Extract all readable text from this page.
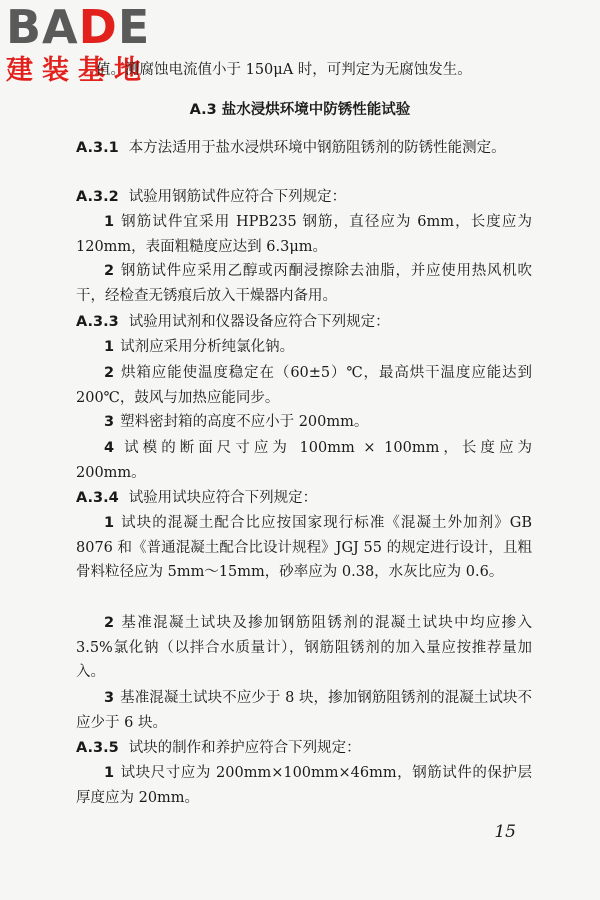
BADE
建装基地
值。测腐蚀电流值小于 150μA 时，可判定为无腐蚀发生。
A.3 盐水浸烘环境中防锈性能试验
A.3.1 本方法适用于盐水浸烘环境中钢筋阻锈剂的防锈性能测定。
A.3.2 试验用钢筋试件应符合下列规定：
1 钢筋试件宜采用 HPB235 钢筋，直径应为 6mm，长度应为 120mm，表面粗糙度应达到 6.3μm。
2 钢筋试件应采用乙醇或丙酮浸擦除去油脂，并应使用热风机吹干，经检查无锈痕后放入干燥器内备用。
A.3.3 试验用试剂和仪器设备应符合下列规定：
1 试剂应采用分析纯氯化钠。
2 烘箱应能使温度稳定在（60±5）℃，最高烘干温度应能达到 200℃，鼓风与加热应能同步。
3 塑料密封箱的高度不应小于 200mm。
4 试模的断面尺寸应为 100mm × 100mm，长度应为 200mm。
A.3.4 试验用试块应符合下列规定：
1 试块的混凝土配合比应按国家现行标准《混凝土外加剂》GB 8076 和《普通混凝土配合比设计规程》JGJ 55 的规定进行设计，且粗骨料粒径应为 5mm～15mm，砂率应为 0.38，水灰比应为 0.6。
2 基准混凝土试块及掺加钢筋阻锈剂的混凝土试块中均应掺入 3.5%氯化钠（以拌合水质量计），钢筋阻锈剂的加入量应按推荐量加入。
3 基准混凝土试块不应少于 8 块，掺加钢筋阻锈剂的混凝土试块不应少于 6 块。
A.3.5 试块的制作和养护应符合下列规定：
1 试块尺寸应为 200mm×100mm×46mm，钢筋试件的保护层厚度应为 20mm。
15
